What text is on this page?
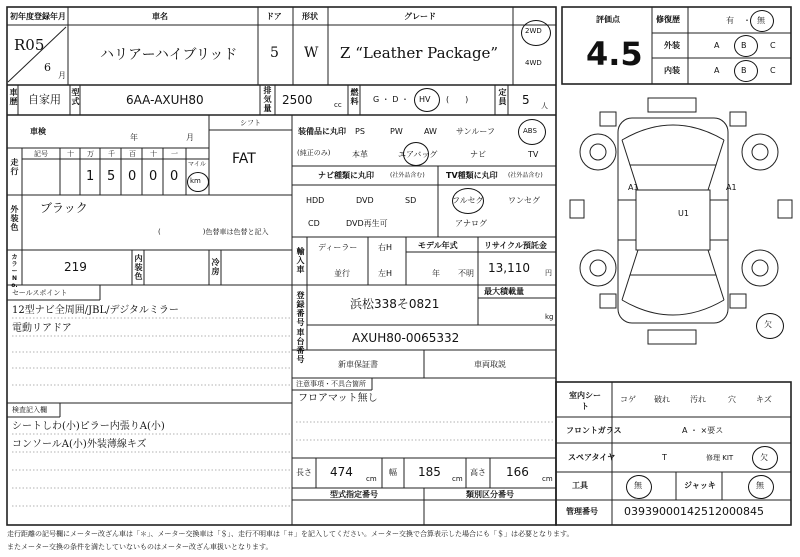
初年度登録年月
R05
6
月
車名
ハリアーハイブリッド
ドア
5
形状
W
グレード
Z “Leather Package”
2WD
4WD
車歴 自家用
型式	6AA-AXUH80
排気量
2500	cc
燃料 G ・ D ・ HV (　　)
定員 5 人
車検
年	月
シフト
FAT
走行
記号	十 万 千 百 十 一
1 5 0 0 0
マイル
km
外装色
ブラック
(　　　　　　)色替車は色替と記入
カラーNo.
219
内装色
冷房
セールスポイント
12型ナビ全周囲/JBL/デジタルミラー
電動リアドア
検査記入欄
シートしわ(小)ピラー内張りA(小)
コンソールA(小)外装薄線キズ
装備品に丸印
(純正のみ)
PS	PW	AW サンルーフ	ABS
本革	エアバッグ	ナビ	TV
ナビ種類に丸印	(社外品含む)
HDD	DVD	SD
CD	DVD再生可
TV種類に丸印 (社外品含む)
フルセグ	ワンセグ
アナログ
輸入車
ディーラー
並行
右H
左H
モデル年式
年 不明
リサイクル預託金
13,110 円
登録番号
浜松338そ0821
最大積載量
kg
車台番号
AXUH80-0065332
新車保証書	車両取説
注意事項・不具合箇所
フロアマット無し
長さ 474 cm
幅 185 cm
高さ 166 cm
型式指定番号	類別区分番号
評価点
4.5
修復歴	有 ・ 無
外装	A	B	C
内装	A	B	C
A1	A1
U1
欠
室内シート
コゲ 破れ	汚れ	穴	キズ
フロントガラス	A ・ ×要ス
スペアタイヤ	T	修理 KIT	欠
工具	無	ジャッキ	無
管理番号 0393900014251200084​5
走行距離の記号欄にメーター改ざん車は「＊」、メーター交換車は「＄」、走行不明車は「＃」を記入してください。メーター交換で合算表示した場合にも「＄」は必要となります。
またメーター交換の条件を満たしていないものはメーター改ざん車扱いとなります。
